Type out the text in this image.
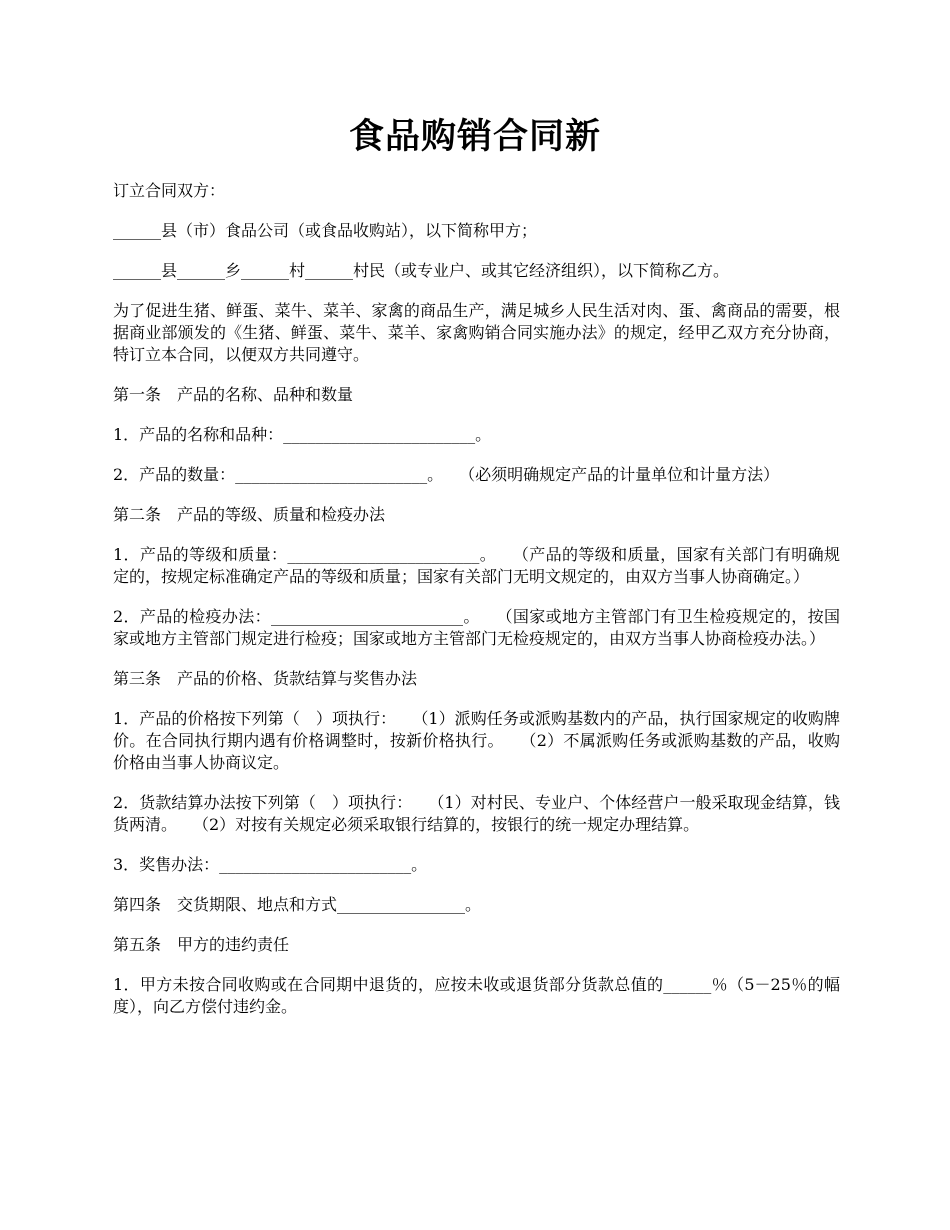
食品购销合同新

订立合同双方：

______县（市）食品公司（或食品收购站），以下简称甲方；

______县______乡______村______村民（或专业户、或其它经济组织），以下简称乙方。

为了促进生猪、鲜蛋、菜牛、菜羊、家禽的商品生产，满足城乡人民生活对肉、蛋、禽商品的需要，根据商业部颁发的《生猪、鲜蛋、菜牛、菜羊、家禽购销合同实施办法》的规定，经甲乙双方充分协商，特订立本合同，以便双方共同遵守。

第一条　产品的名称、品种和数量

1．产品的名称和品种：________________________。

2．产品的数量：________________________。　　（必须明确规定产品的计量单位和计量方法）

第二条　产品的等级、质量和检疫办法

1．产品的等级和质量：________________________。　　（产品的等级和质量，国家有关部门有明确规定的，按规定标准确定产品的等级和质量；国家有关部门无明文规定的，由双方当事人协商确定。）

2．产品的检疫办法：________________________。　　（国家或地方主管部门有卫生检疫规定的，按国家或地方主管部门规定进行检疫；国家或地方主管部门无检疫规定的，由双方当事人协商检疫办法。）

第三条　产品的价格、货款结算与奖售办法

1．产品的价格按下列第（　）项执行：　　（1）派购任务或派购基数内的产品，执行国家规定的收购牌价。在合同执行期内遇有价格调整时，按新价格执行。　　（2）不属派购任务或派购基数的产品，收购价格由当事人协商议定。

2．货款结算办法按下列第（　）项执行：　　（1）对村民、专业户、个体经营户一般采取现金结算，钱货两清。　　（2）对按有关规定必须采取银行结算的，按银行的统一规定办理结算。

3．奖售办法：________________________。

第四条　交货期限、地点和方式________________。

第五条　甲方的违约责任

1．甲方未按合同收购或在合同期中退货的，应按未收或退货部分货款总值的______％（5－25％的幅度），向乙方偿付违约金。
